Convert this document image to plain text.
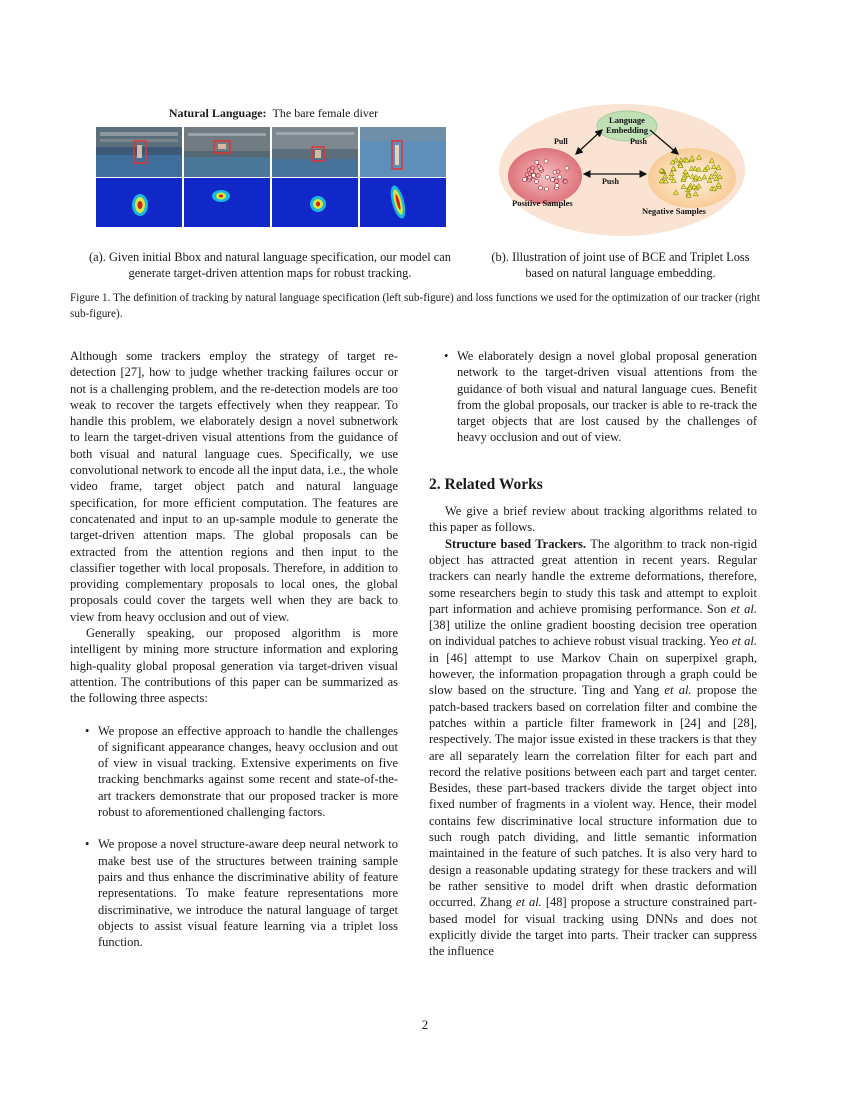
Natural Language: The bare female diver	Language
Embedding
Pull	Push
Push
Positive Samples
Negative Samples
(a). Given initial Bbox and natural language specification, our model can generate target-driven attention maps for robust tracking.
(b). Illustration of joint use of BCE and Triplet Loss based on natural language embedding.
Figure 1. The definition of tracking by natural language specification (left sub-figure) and loss functions we used for the optimization of our tracker (right sub-figure).

Although some trackers employ the strategy of target re-detection [27], how to judge whether tracking failures occur or not is a challenging problem, and the re-detection models are too weak to recover the targets effectively when they reappear. To handle this problem, we elaborately design a novel subnetwork to learn the target-driven visual attentions from the guidance of both visual and natural language cues. Specifically, we use convolutional network to encode all the input data, i.e., the whole video frame, target object patch and natural language specification, for more efficient computation. The features are concatenated and input to an up-sample module to generate the target-driven attention maps. The global proposals can be extracted from the attention regions and then input to the classifier together with local proposals. Therefore, in addition to providing complementary proposals to local ones, the global proposals could cover the targets well when they are back to view from heavy occlusion and out of view.

Generally speaking, our proposed algorithm is more intelligent by mining more structure information and exploring high-quality global proposal generation via target-driven visual attention. The contributions of this paper can be summarized as the following three aspects:

• We propose an effective approach to handle the challenges of significant appearance changes, heavy occlusion and out of view in visual tracking. Extensive experiments on five tracking benchmarks against some recent and state-of-the-art trackers demonstrate that our proposed tracker is more robust to aforementioned challenging factors.
• We propose a novel structure-aware deep neural network to make best use of the structures between training sample pairs and thus enhance the discriminative ability of feature representations. To make feature representations more discriminative, we introduce the natural language of target objects to assist visual feature learning via a triplet loss function.
• We elaborately design a novel global proposal generation network to the target-driven visual attentions from the guidance of both visual and natural language cues. Benefit from the global proposals, our tracker is able to re-track the target objects that are lost caused by the challenges of heavy occlusion and out of view.
2. Related Works

We give a brief review about tracking algorithms related to this paper as follows.

Structure based Trackers. The algorithm to track non-rigid object has attracted great attention in recent years. Regular trackers can nearly handle the extreme deformations, therefore, some researchers begin to study this task and attempt to exploit part information and achieve promising performance. Son et al. [38] utilize the online gradient boosting decision tree operation on individual patches to achieve robust visual tracking. Yeo et al. in [46] attempt to use Markov Chain on superpixel graph, however, the information propagation through a graph could be slow based on the structure. Ting and Yang et al. propose the patch-based trackers based on correlation filter and combine the patches within a particle filter framework in [24] and [28], respectively. The major issue existed in these trackers is that they are all separately learn the correlation filter for each part and record the relative positions between each part and target center. Besides, these part-based trackers divide the target object into fixed number of fragments in a violent way. Hence, their model contains few discriminative local structure information due to such rough patch dividing, and little semantic information maintained in the feature of such patches. It is also very hard to design a reasonable updating strategy for these trackers and will be rather sensitive to model drift when drastic deformation occurred. Zhang et al. [48] propose a structure constrained part-based model for visual tracking using DNNs and does not explicitly divide the target into parts. Their tracker can suppress the influence

2
